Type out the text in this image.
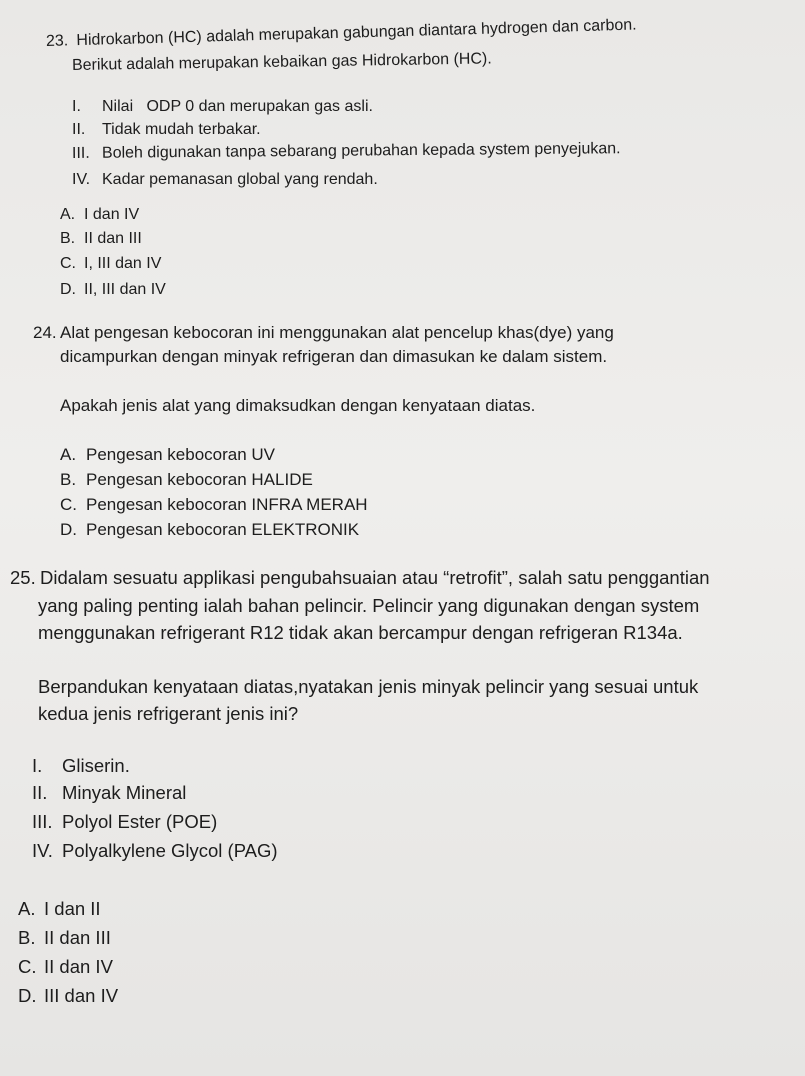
23. Hidrokarbon (HC) adalah merupakan gabungan diantara hydrogen dan carbon.
Berikut adalah merupakan kebaikan gas Hidrokarbon (HC).
I. Nilai   ODP 0 dan merupakan gas asli.
II. Tidak mudah terbakar.
III. Boleh digunakan tanpa sebarang perubahan kepada system penyejukan.
IV. Kadar pemanasan global yang rendah.
A. I dan IV
B. II dan III
C. I, III dan IV
D. II, III dan IV
24. Alat pengesan kebocoran ini menggunakan alat pencelup khas(dye) yang
dicampurkan dengan minyak refrigeran dan dimasukan ke dalam sistem.
Apakah jenis alat yang dimaksudkan dengan kenyataan diatas.
A. Pengesan kebocoran UV
B. Pengesan kebocoran HALIDE
C. Pengesan kebocoran INFRA MERAH
D. Pengesan kebocoran ELEKTRONIK
25. Didalam sesuatu applikasi pengubahsuaian atau “retrofit”, salah satu penggantian
yang paling penting ialah bahan pelincir. Pelincir yang digunakan dengan system
menggunakan refrigerant R12 tidak akan bercampur dengan refrigeran R134a.
Berpandukan kenyataan diatas,nyatakan jenis minyak pelincir yang sesuai untuk
kedua jenis refrigerant jenis ini?
I. Gliserin.
II. Minyak Mineral
III. Polyol Ester (POE)
IV. Polyalkylene Glycol (PAG)
A. I dan II
B. II dan III
C. II dan IV
D. III dan IV
